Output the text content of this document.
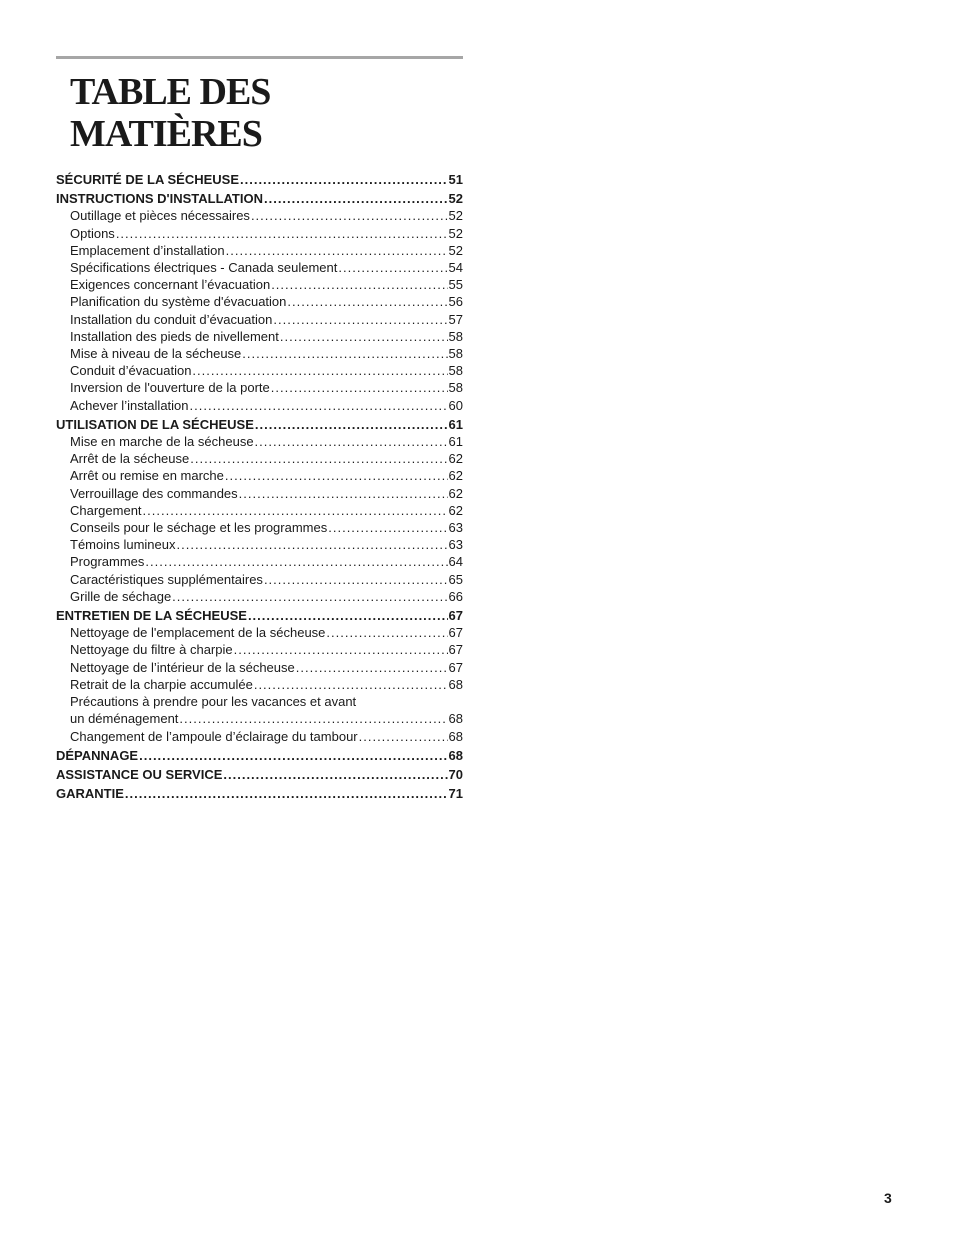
TABLE DES MATIÈRES
SÉCURITÉ DE LA SÉCHEUSE .....	51
INSTRUCTIONS D'INSTALLATION .....	52
Outillage et pièces nécessaires .....	52
Options .....	52
Emplacement d’installation .....	52
Spécifications électriques - Canada seulement .....	54
Exigences concernant l’évacuation .....	55
Planification du système d'évacuation .....	56
Installation du conduit d’évacuation .....	57
Installation des pieds de nivellement .....	58
Mise à niveau de la sécheuse .....	58
Conduit d’évacuation .....	58
Inversion de l'ouverture de la porte .....	58
Achever l’installation .....	60
UTILISATION DE LA SÉCHEUSE .....	61
Mise en marche de la sécheuse .....	61
Arrêt de la sécheuse .....	62
Arrêt ou remise en marche .....	62
Verrouillage des commandes .....	62
Chargement .....	62
Conseils pour le séchage et les programmes .....	63
Témoins lumineux .....	63
Programmes .....	64
Caractéristiques supplémentaires .....	65
Grille de séchage .....	66
ENTRETIEN DE LA SÉCHEUSE .....	67
Nettoyage de l'emplacement de la sécheuse .....	67
Nettoyage du filtre à charpie .....	67
Nettoyage de l’intérieur de la sécheuse .....	67
Retrait de la charpie accumulée .....	68
Précautions à prendre pour les vacances et avant
un déménagement .....	68
Changement de l’ampoule d’éclairage du tambour .....	68
DÉPANNAGE .....	68
ASSISTANCE OU SERVICE .....	70
GARANTIE .....	71
3
